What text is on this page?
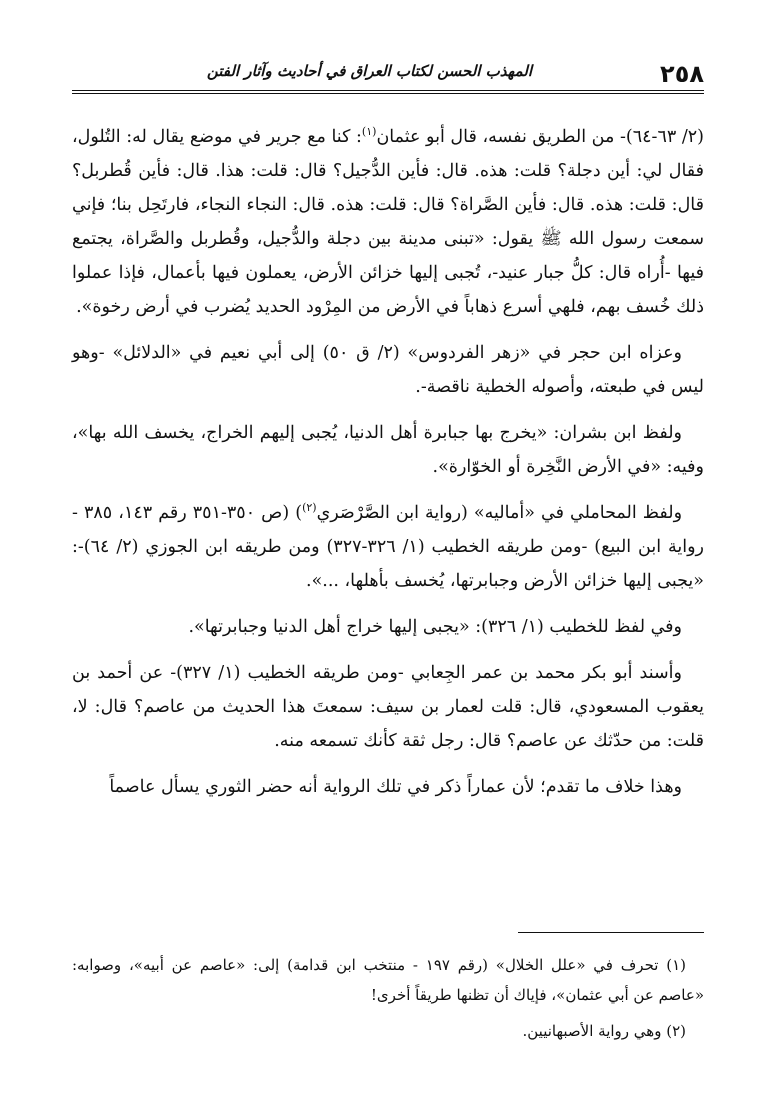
٢٥٨
المهذب الحسن لكتاب العراق في أحاديث وآثار الفتن

(٢/ ٦٣-٦٤)- من الطريق نفسه، قال أبو عثمان$^{(١)}$: كنا مع جرير في موضع يقال له: التُلول، فقال لي: أين دجلة؟ قلت: هذه. قال: فأين الدُّجيل؟ قال: قلت: هذا. قال: فأين قُطربل؟ قال: قلت: هذه. قال: فأين الصَّراة؟ قال: قلت: هذه. قال: النجاء النجاء، فارتَحِل بنا؛ فإني سمعت رسول الله ﷺ يقول: «تبنى مدينة بين دجلة والدُّجيل، وقُطربل والصَّراة، يجتمع فيها -أُراه قال: كلُّ جبار عنيد-، تُجبى إليها خزائن الأرض، يعملون فيها بأعمال، فإذا عملوا ذلك خُسف بهم، فلهي أسرع ذهاباً في الأرض من المِرْود الحديد يُضرب في أرض رخوة».

وعزاه ابن حجر في «زهر الفردوس» (٢/ ق ٥٠) إلى أبي نعيم في «الدلائل» -وهو ليس في طبعته، وأصوله الخطية ناقصة-.

ولفظ ابن بشران: «يخرج بها جبابرة أهل الدنيا، يُجبى إليهم الخراج، يخسف الله بها»، وفيه: «في الأرض النَّخِرة أو الخوّارة».

ولفظ المحاملي في «أماليه» (رواية ابن الصَّرْصَري$^{(٢)}$) (ص ٣٥٠-٣٥١ رقم ١٤٣، ٣٨٥ - رواية ابن البيع) -ومن طريقه الخطيب (١/ ٣٢٦-٣٢٧) ومن طريقه ابن الجوزي (٢/ ٦٤)-: «يجبى إليها خزائن الأرض وجبابرتها، يُخسف بأهلها، ...».

وفي لفظ للخطيب (١/ ٣٢٦): «يجبى إليها خراج أهل الدنيا وجبابرتها».

وأسند أبو بكر محمد بن عمر الجِعابي -ومن طريقه الخطيب (١/ ٣٢٧)- عن أحمد بن يعقوب المسعودي، قال: قلت لعمار بن سيف: سمعتَ هذا الحديث من عاصم؟ قال: لا، قلت: من حدّثك عن عاصم؟ قال: رجل ثقة كأنك تسمعه منه.

وهذا خلاف ما تقدم؛ لأن عماراً ذكر في تلك الرواية أنه حضر الثوري يسأل عاصماً

(١) تحرف في «علل الخلال» (رقم ١٩٧ - منتخب ابن قدامة) إلى: «عاصم عن أبيه»، وصوابه: «عاصم عن أبي عثمان»، فإياك أن تظنها طريقاً أخرى!

(٢) وهي رواية الأصبهانيين.
